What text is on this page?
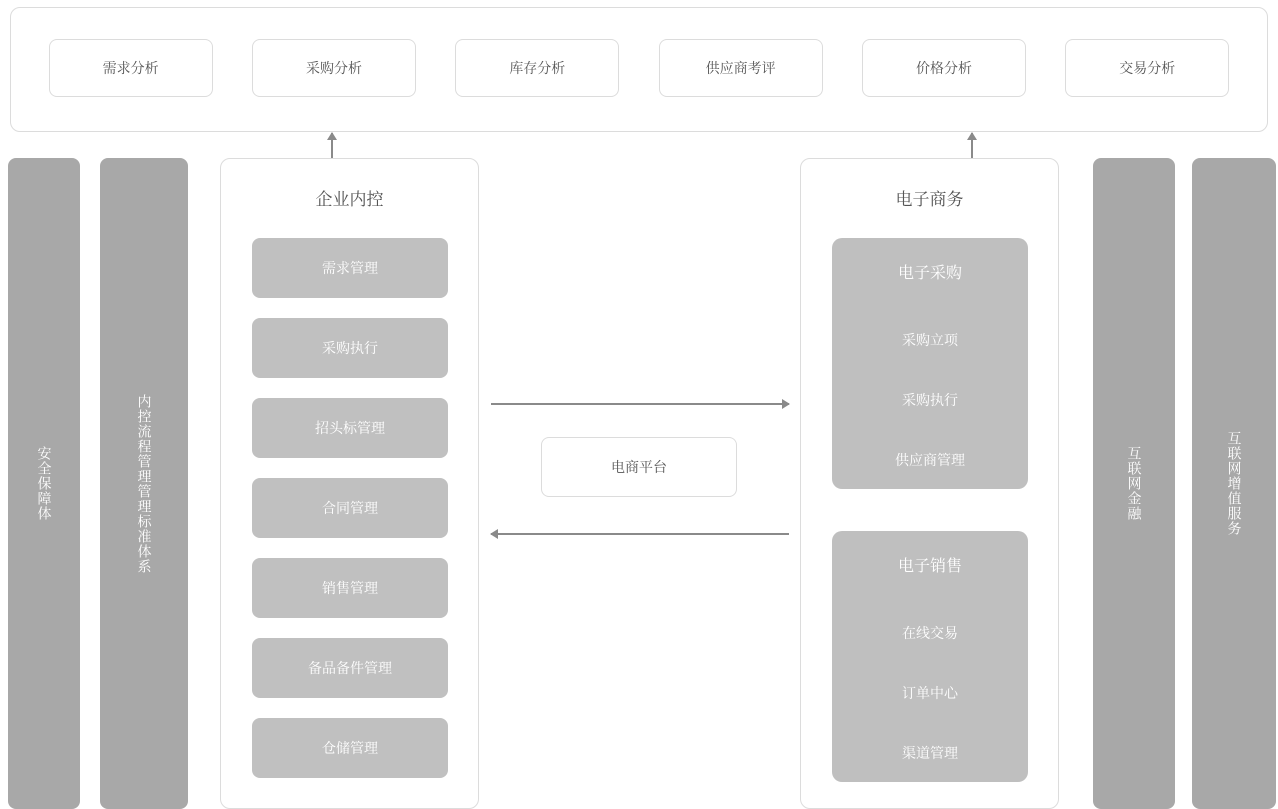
需求分析	采购分析	库存分析	供应商考评	价格分析	交易分析
安全保障体	内控流程管理管理标准体系	互联网金融	互联网增值服务
企业内控
需求管理
采购执行
招头标管理
合同管理
销售管理
备品备件管理
仓储管理
电子商务
电子采购
采购立项
采购执行
供应商管理
电子销售
在线交易
订单中心
渠道管理
电商平台
